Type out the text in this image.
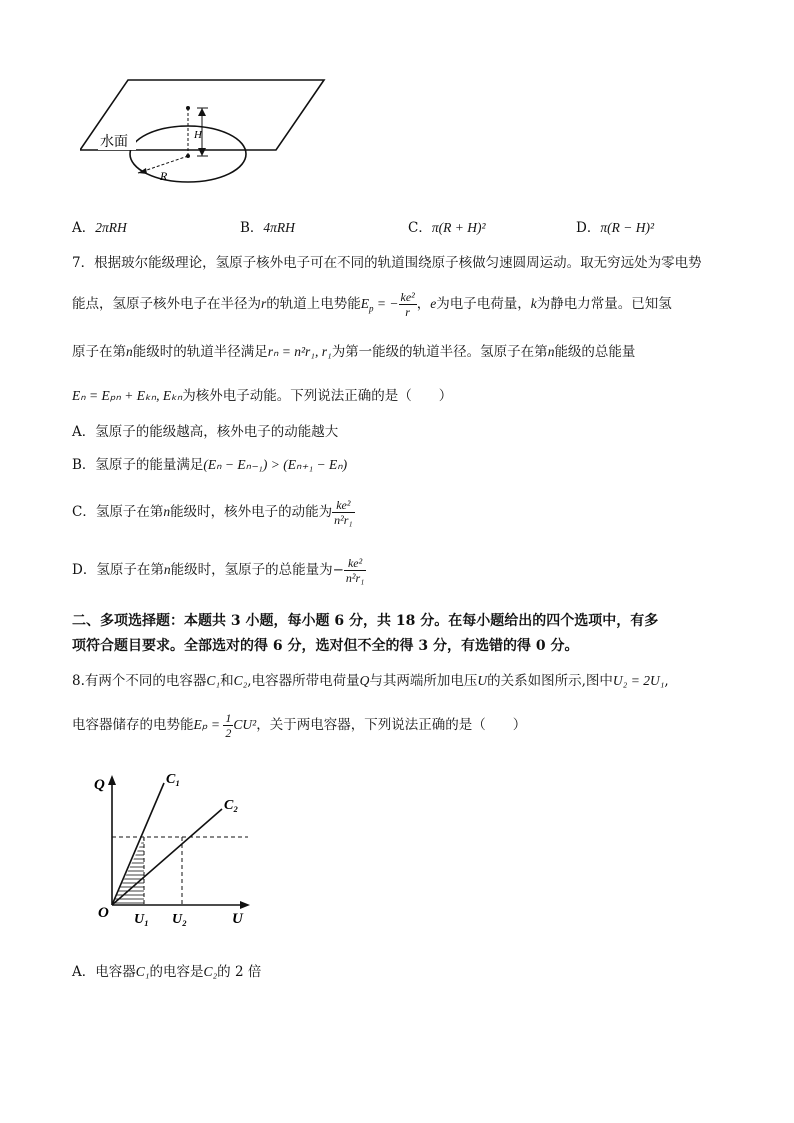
H
R
水面
A．2πRH	B．4πRH	C．π(R + H)²	D．π(R − H)²
7．根据玻尔能级理论，氢原子核外电子可在不同的轨道围绕原子核做匀速圆周运动。取无穷远处为零电势
能点，氢原子核外电子在半径为r的轨道上电势能$E_p$ = − $\frac{\text{ke²}}{r}$ ，e为电子电荷量，k为静电力常量。已知氢
原子在第n能级时的轨道半径满足rₙ = n²r₁, r₁为第一能级的轨道半径。氢原子在第n能级的总能量
Eₙ = Eₚₙ + Eₖₙ, Eₖₙ为核外电子动能。下列说法正确的是（　　）
A．氢原子的能级越高，核外电子的动能越大
B．氢原子的能量满足(Eₙ − Eₙ₋₁) > (Eₙ₊₁ − Eₙ)
C．氢原子在第n能级时，核外电子的动能为 $\frac{\text{ke²}}{\text{n²r₁}}$
D．氢原子在第n能级时，氢原子的总能量为− $\frac{\text{ke²}}{\text{n²r₁}}$
二、多项选择题：本题共 3 小题，每小题 6 分，共 18 分。在每小题给出的四个选项中，有多
项符合题目要求。全部选对的得 6 分，选对但不全的得 3 分，有选错的得 0 分。
8.有两个不同的电容器C₁和C₂,电容器所带电荷量Q与其两端所加电压U的关系如图所示,图中U₂ = 2U₁,
电容器储存的电势能$E_p = \frac{1}{2} CU^2$，关于两电容器，下列说法正确的是（　　）
Q
U
O
C₁
C₂
U₁ U₂
A．电容器C₁的电容是C₂的 2 倍
